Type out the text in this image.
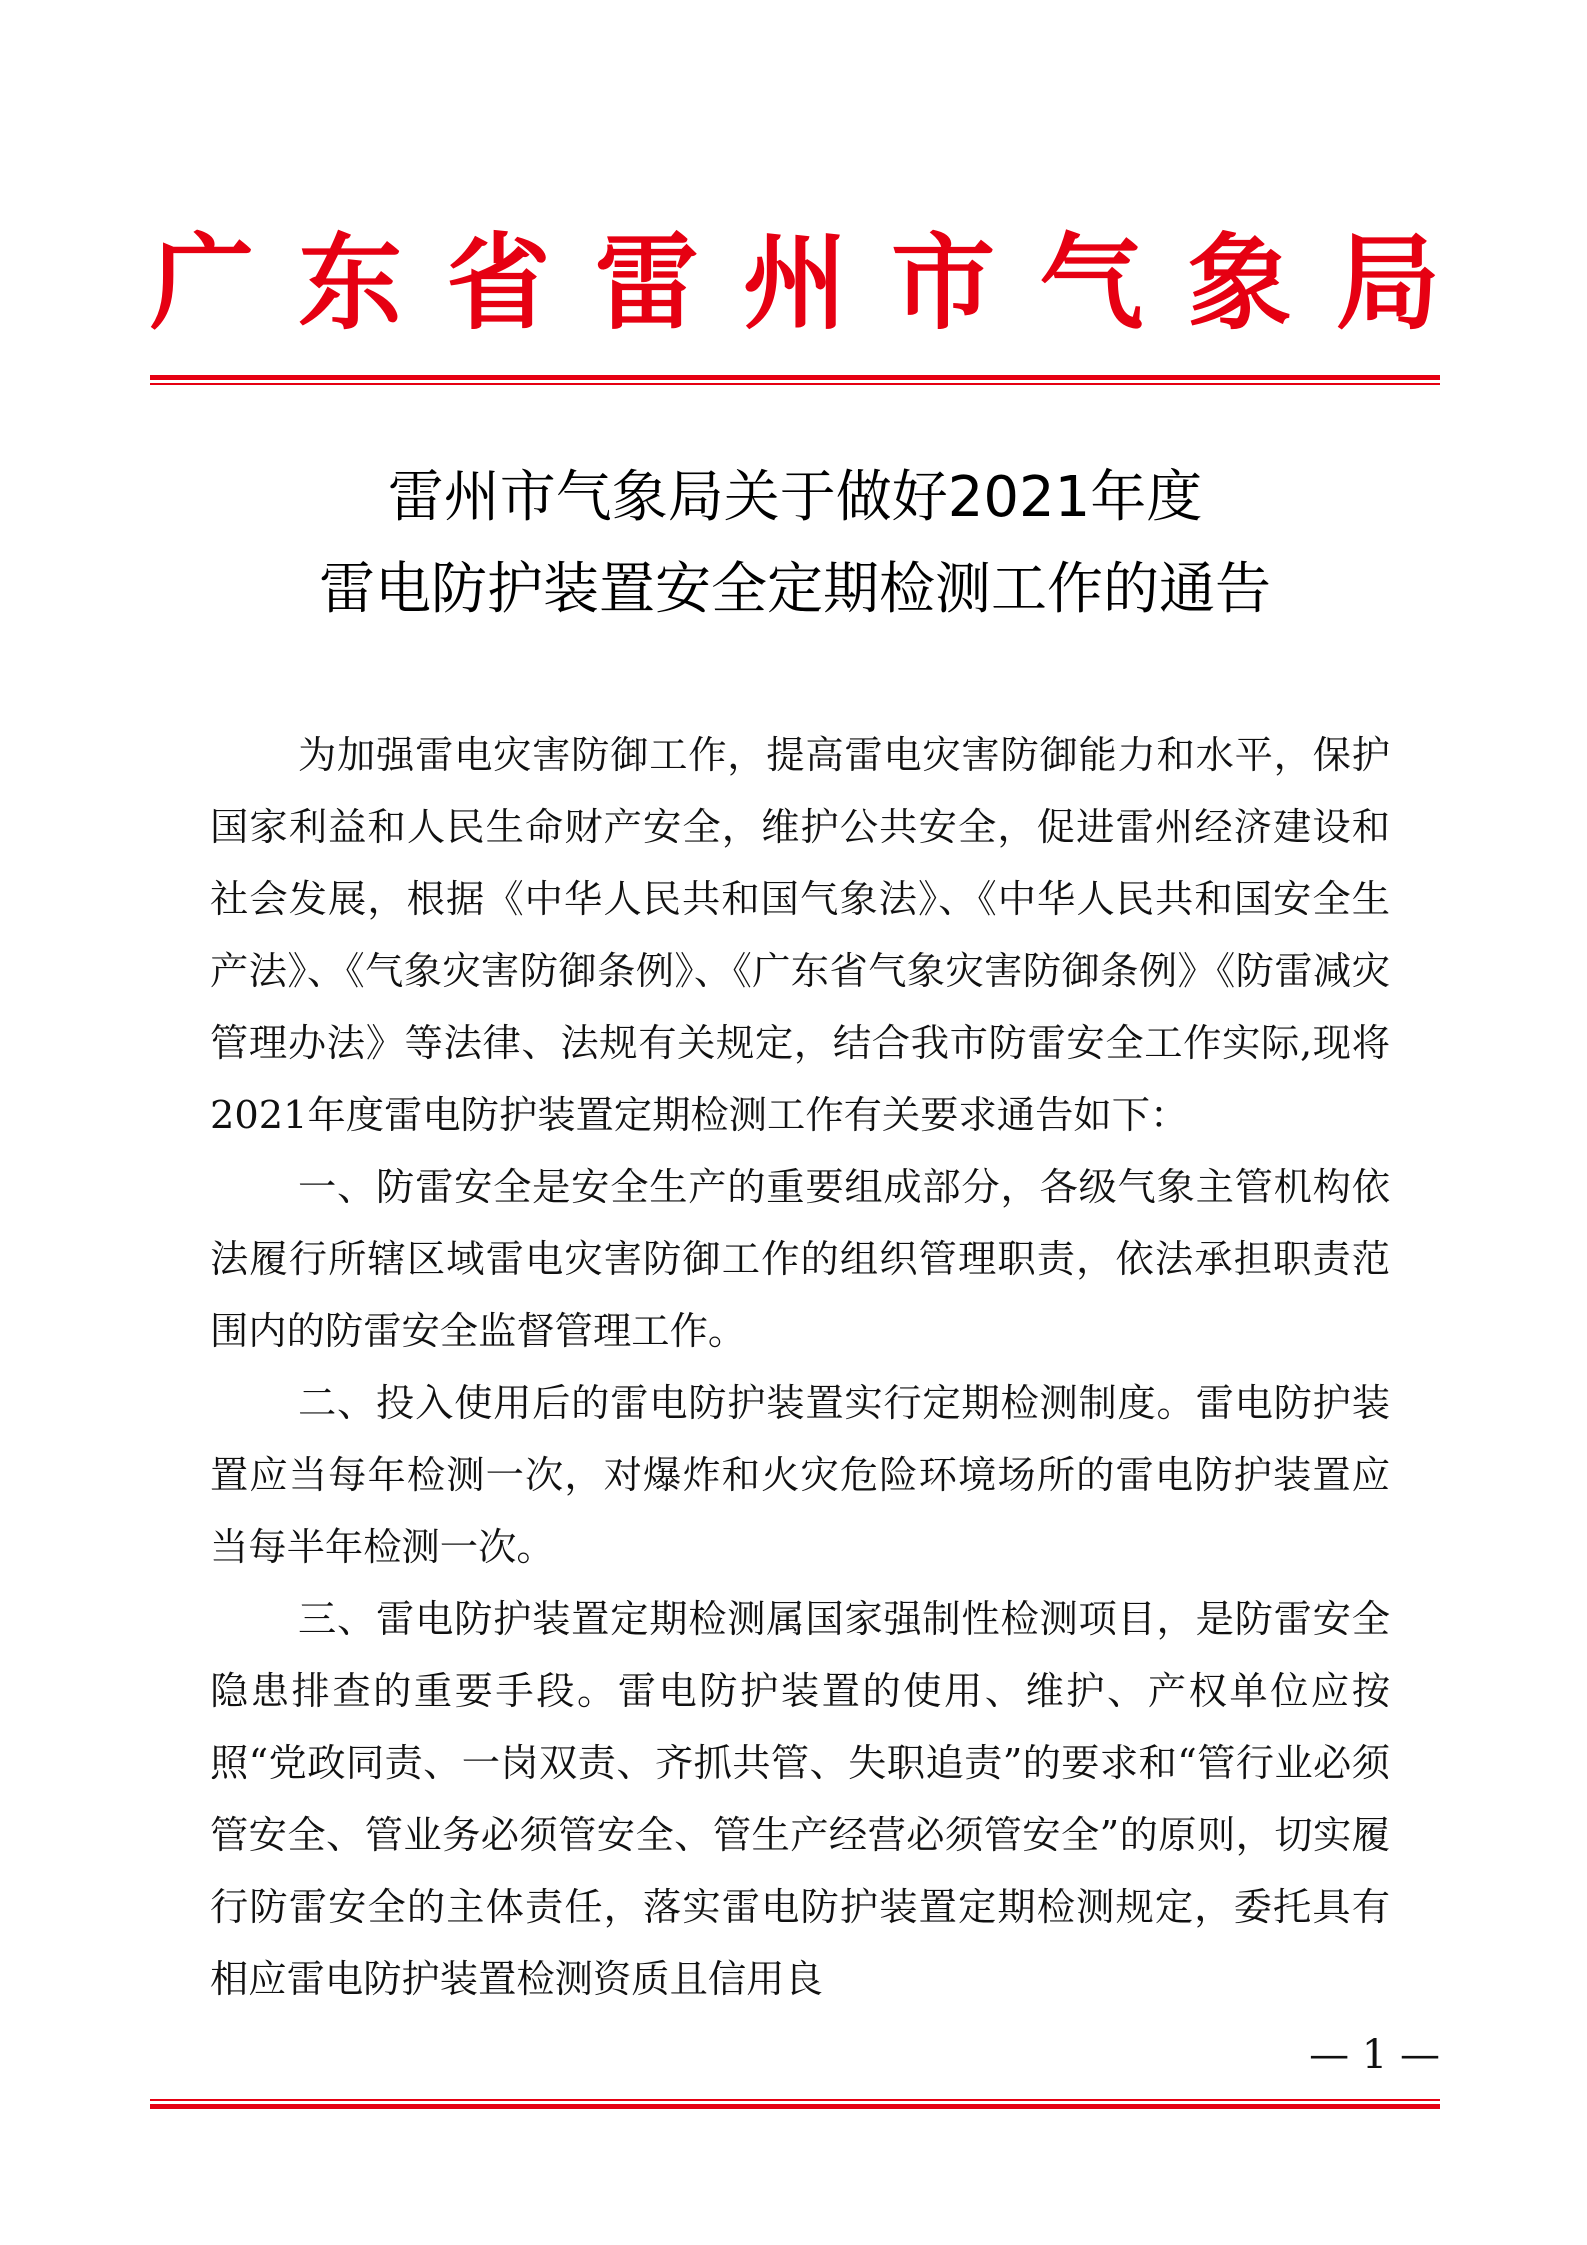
广 东 省 雷 州 市 气 象 局
雷州市气象局关于做好2021年度
雷电防护装置安全定期检测工作的通告

为加强雷电灾害防御工作，提高雷电灾害防御能力和水平，保护国家利益和人民生命财产安全，维护公共安全，促进雷州经济建设和社会发展，根据《中华人民共和国气象法》、《中华人民共和国安全生产法》、《气象灾害防御条例》、《广东省气象灾害防御条例》《防雷减灾管理办法》等法律、法规有关规定，结合我市防雷安全工作实际,现将2021年度雷电防护装置定期检测工作有关要求通告如下：

一、防雷安全是安全生产的重要组成部分，各级气象主管机构依法履行所辖区域雷电灾害防御工作的组织管理职责，依法承担职责范围内的防雷安全监督管理工作。

二、投入使用后的雷电防护装置实行定期检测制度。雷电防护装置应当每年检测一次，对爆炸和火灾危险环境场所的雷电防护装置应当每半年检测一次。

三、雷电防护装置定期检测属国家强制性检测项目，是防雷安全隐患排查的重要手段。雷电防护装置的使用、维护、产权单位应按照“党政同责、一岗双责、齐抓共管、失职追责”的要求和“管行业必须管安全、管业务必须管安全、管生产经营必须管安全”的原则，切实履行防雷安全的主体责任，落实雷电防护装置定期检测规定，委托具有相应雷电防护装置检测资质且信用良

— 1 —
